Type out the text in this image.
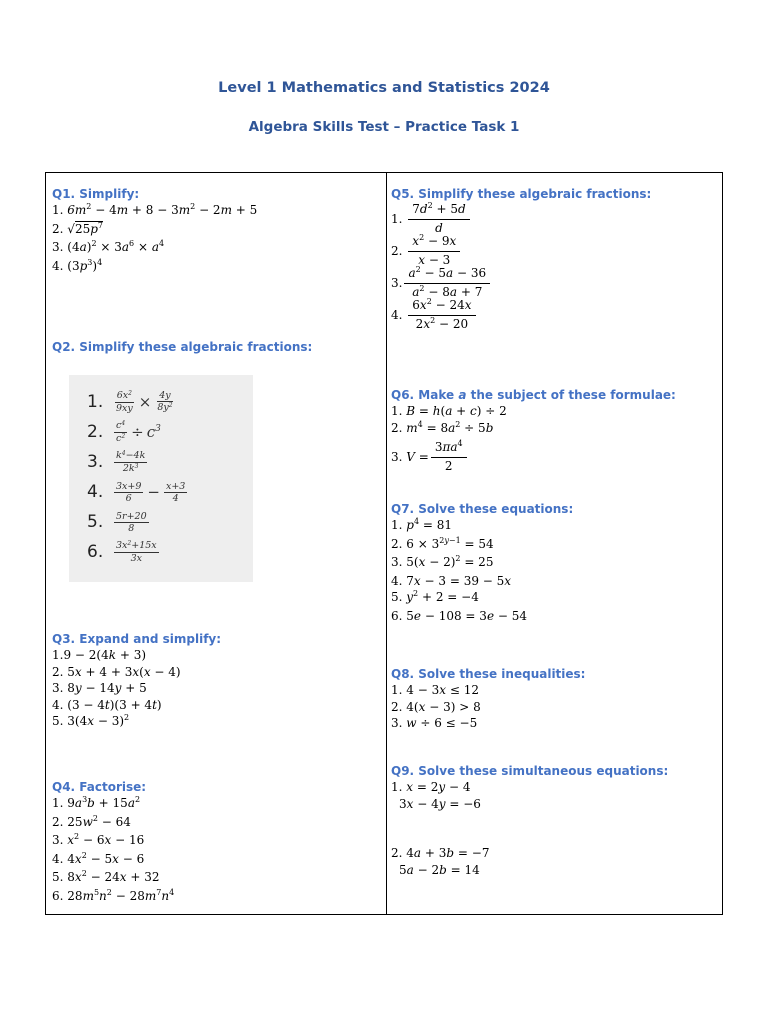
Level 1 Mathematics and Statistics 2024
Algebra Skills Test – Practice Task 1
Q1. Simplify:
1. $6m^2 - 4m + 8 - 3m^2 - 2m + 5$
2. $√25p^7$
3. $(4a)^2 \times 3a^6 \times a^4$
4. $(3p^3)^4$
Q2. Simplify these algebraic fractions:
1.	$\frac{6x^2}{9xy} \times \frac{4y}{8y^2}$
2.	$\frac{c^4}{c^2} \div c^3$
3.	$\frac{k^4-4k}{2k^3}$
4.	$\frac{3x+9}{6} - \frac{x+3}{4}$
5.	$\frac{5r+20}{8}$
6.	$\frac{3x^2+15x}{3x}$
Q3. Expand and simplify:
1.9 − 2(4k + 3)
2. 5x + 4 + 3x(x − 4)
3. 8y − 14y + 5
4. (3 − 4t)(3 + 4t)
5. $3(4x - 3)^2$
Q4. Factorise:
1. $9a^3b + 15a^2$
2. $25w^2 - 64$
3. $x^2 - 6x - 16$
4. $4x^2 - 5x - 6$
5. $8x^2 - 24x + 32$
6. $28m^5n^2 - 28m^7n^4$
Q5. Simplify these algebraic fractions:
1. $\frac{7d^2 + 5d}{d}$
2. $\frac{x^2 - 9x}{x - 3}$
3. $\frac{a^2 - 5a - 36}{a^2 - 8a + 7}$
4. $\frac{6x^2 - 24x}{2x^2 - 20}$
Q6. Make a the subject of these formulae:
1. B = h(a + c) ÷ 2
2. $m^4 = 8a^2 \div 5b$
3. $V = \frac{3\pi a^4}{2}$
Q7. Solve these equations:
1. $p^4 = 81$
2. $6 \times 3^{2y-1} = 54$
3. $5(x - 2)^2 = 25$
4. 7x − 3 = 39 − 5x
5. $y^2 + 2 = -4$
6. 5e − 108 = 3e − 54
Q8. Solve these inequalities:
1. 4 − 3x ≤ 12
2. 4(x − 3) > 8
3. w ÷ 6 ≤ −5
Q9. Solve these simultaneous equations:
1. x = 2y − 4
3x − 4y = −6
2. 4a + 3b = −7
5a − 2b = 14
